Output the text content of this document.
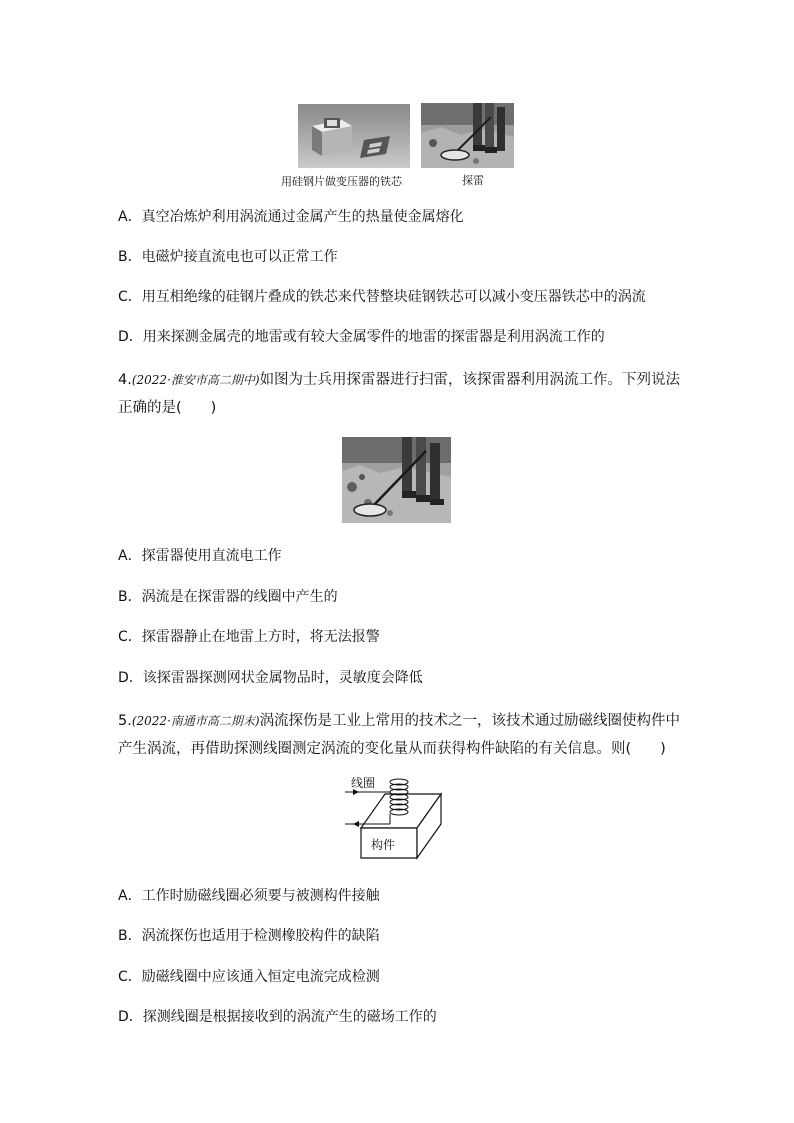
用硅钢片做变压器的铁芯	探雷
A．真空冶炼炉利用涡流通过金属产生的热量使金属熔化
B．电磁炉接直流电也可以正常工作
C．用互相绝缘的硅钢片叠成的铁芯来代替整块硅钢铁芯可以减小变压器铁芯中的涡流
D．用来探测金属壳的地雷或有较大金属零件的地雷的探雷器是利用涡流工作的
4.(2022·淮安市高二期中)如图为士兵用探雷器进行扫雷，该探雷器利用涡流工作。下列说法
正确的是(　　)
A．探雷器使用直流电工作
B．涡流是在探雷器的线圈中产生的
C．探雷器静止在地雷上方时，将无法报警
D．该探雷器探测网状金属物品时，灵敏度会降低
5.(2022·南通市高二期末)涡流探伤是工业上常用的技术之一，该技术通过励磁线圈使构件中
产生涡流，再借助探测线圈测定涡流的变化量从而获得构件缺陷的有关信息。则(　　)
线圈
构件
A．工作时励磁线圈必须要与被测构件接触
B．涡流探伤也适用于检测橡胶构件的缺陷
C．励磁线圈中应该通入恒定电流完成检测
D．探测线圈是根据接收到的涡流产生的磁场工作的
